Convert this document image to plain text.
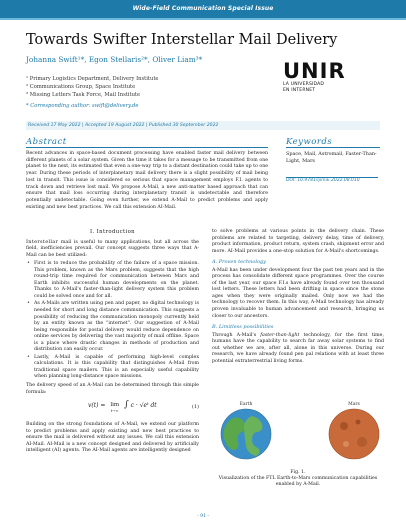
Wide-Field Communication Special Issue
Towards Swifter Interstellar Mail Delivery
Johanna Swift¹*, Egon Stellaris²*, Oliver Liam³*
¹ Primary Logistics Department, Delivery Institute
² Communications Group, Space Institute
³ Missing Letters Task Force, Mail Institute
* Corresponding author: swift@delivery.de
UNIR
LA UNIVERSIDAD
EN INTERNET
Received 17 May 2022 | Accepted 19 August 2022 | Published 30 September 2022
Abstract
Recent advances in space-based document processing have enabled faster mail delivery between different planets of a solar system. Given the time it takes for a message to be transmitted from one planet to the next, its estimated that even a one-way trip to a distant destination could take up to one year. During these periods of interplanetary mail delivery there is a slight possibility of mail being lost in transit. This issue is considered so serious that space management employs F.I. agents to track down and retrieve lost mail. We propose A-Mail, a new anti-matter based approach that can ensure that mail loss occurring during interplanetary transit is undetectable and therefore potentially undetectable. Going even further, we extend A-Mail to predict problems and apply existing and new best practices. We call this extension AI-Mail.
Keywords
Space, Mail, Astromail, Faster-Than-Light, Mars
DOI: 10.9781/ijimai.2022.08.010
I. Introduction

Interstellar mail is useful to many applications, but all across the field, inefficiencies prevail. Our concept suggests three ways that A-Mail can be best utilized:

• First is to reduce the probability of the failure of a space mission. This problem, known as the Mars problem, suggests that the high round-trip time required for communication between Mars and Earth inhibits successful human developments on the planet. Thanks to A-Mail's faster-than-light delivery system this problem could be solved once and for all.
• As A-Mails are written using pen and paper, no digital technology is needed for short and long distance communication. This suggests a possibility of reducing the communication monopoly currently held by an entity known as the "internet". Our suggestion of A-Mail being responsible for postal delivery would reduce dependence on online services by delivering the vast majority of mail offline. Space is a place where drastic changes in methods of production and distribution can easily occur.
• Lastly, A-Mail is capable of performing high-level complex calculations. It is this capability that distinguishes A-Mail from traditional space mailers. This is an especially useful capability when planning long-distance space missions.

The delivery speed of an A-Mail can be determined through this simple formula:

v(t) = lim
t→∞
∫ c · √eᵗ dt	(1)

Building on the strong foundations of A-Mail, we extend our platform to predict problems and apply existing and new best practices to ensure the mail is delivered without any issues. We call this extension AI-Mail. AI-Mail is a new concept designed and delivered by artificially intelligent (AI) agents. The AI-Mail agents are intelligently designed

to solve problems at various points in the delivery chain. These problems are related to targeting, delivery delay, time of delivery, product information, product return, system crash, shipment error and more. AI-Mail provides a one-stop solution for A-Mail's shortcomings.

A. Proven technology

A-Mail has been under development four the past ten years and in the process has consolidate different space programmes. Over the course of the last year, our space F.I.s have already found over ten thousand lost letters. These letters had been drifting in space since the stone ages when they were originally mailed. Only now we had the technology to recover them. In this way, A-Mail technology has already proven invaluable to human advancement and research, bringing us closer to our ancestors.

B. Limitless possibilities

Through A-Mail's faster-than-light technology, for the first time, humans have the capability to search far away solar systems to find out whether we are, after all, alone in this universe. During our research, we have already found pen pal relations with at least three potential extraterrestrial living forms.

Earth	Mars
Fig. 1.
Visualization of the FTL Earth-to-Mars communication capabilities enabled by A-Mail.
- 91 -
